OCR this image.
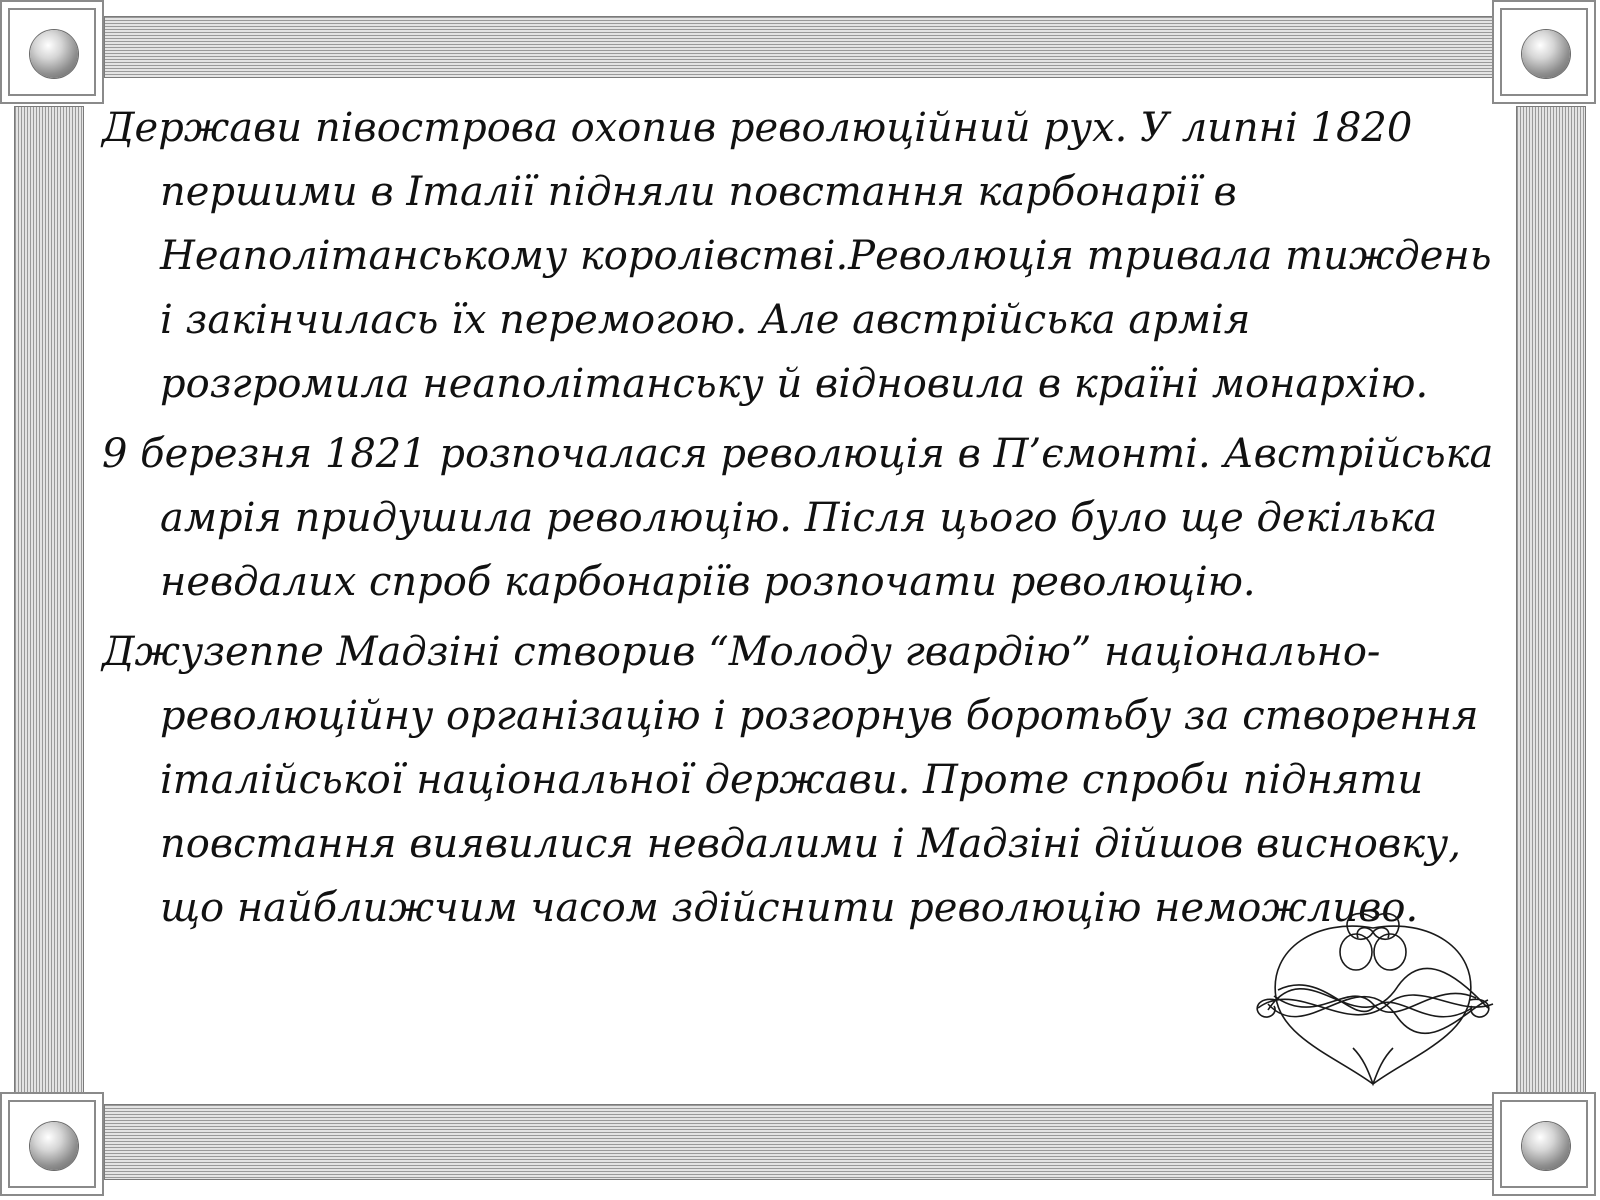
Держави півострова охопив революційний рух. У липні 1820 першими в Італії підняли повстання карбонарії в Неаполітанському королівстві.Революція тривала тиждень і закінчилась їх перемогою. Але австрійська армія розгромила неаполітанську й відновила в країні монархію.

9 березня 1821 розпочалася революція в П’ємонті. Австрійська амрія придушила революцію. Після цього було ще декілька невдалих спроб карбонаріїв розпочати революцію.

Джузеппе Мадзіні створив “Молоду гвардію” національно-революційну організацію і розгорнув боротьбу за створення італійської національної держави. Проте спроби підняти повстання виявилися невдалими і Мадзіні дійшов висновку, що найближчим часом здійснити революцію неможливо.
